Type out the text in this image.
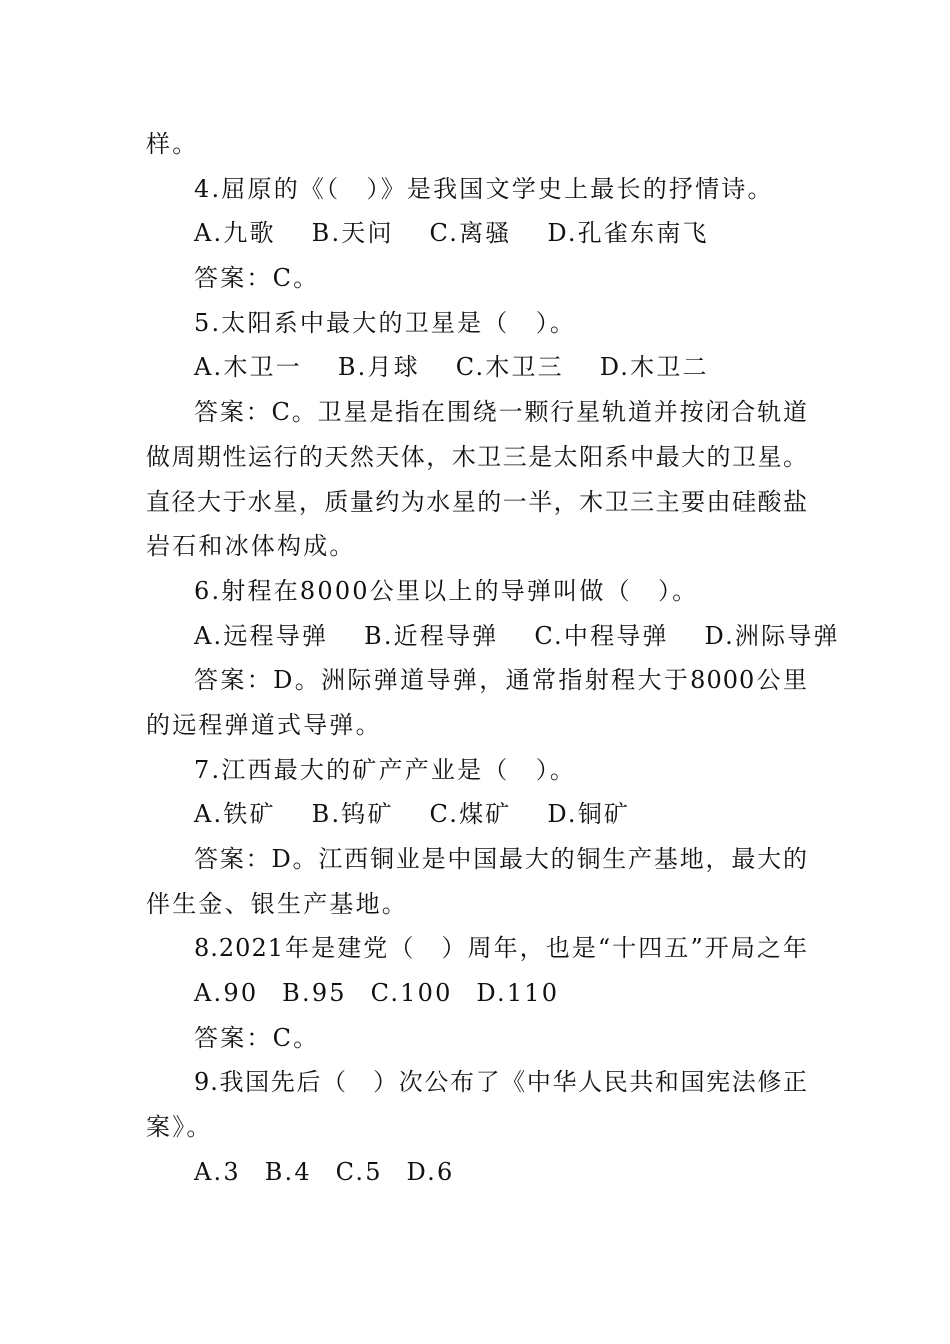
样。
4.屈原的《（　）》是我国文学史上最长的抒情诗。
A.九歌 B.天问 C.离骚 D.孔雀东南飞
答案：C。
5.太阳系中最大的卫星是（　）。
A.木卫一 B.月球 C.木卫三 D.木卫二
答案：C。卫星是指在围绕一颗行星轨道并按闭合轨道
做周期性运行的天然天体，木卫三是太阳系中最大的卫星。
直径大于水星，质量约为水星的一半，木卫三主要由硅酸盐
岩石和冰体构成。
6.射程在8000公里以上的导弹叫做（　）。
A.远程导弹 B.近程导弹 C.中程导弹 D.洲际导弹
答案：D。洲际弹道导弹，通常指射程大于8000公里
的远程弹道式导弹。
7.江西最大的矿产产业是（　）。
A.铁矿 B.钨矿 C.煤矿 D.铜矿
答案：D。江西铜业是中国最大的铜生产基地，最大的
伴生金、银生产基地。
8.2021年是建党（　）周年，也是“十四五”开局之年
A.90 B.95 C.100 D.110
答案：C。
9.我国先后（　）次公布了《中华人民共和国宪法修正
案》。
A.3 B.4 C.5 D.6
